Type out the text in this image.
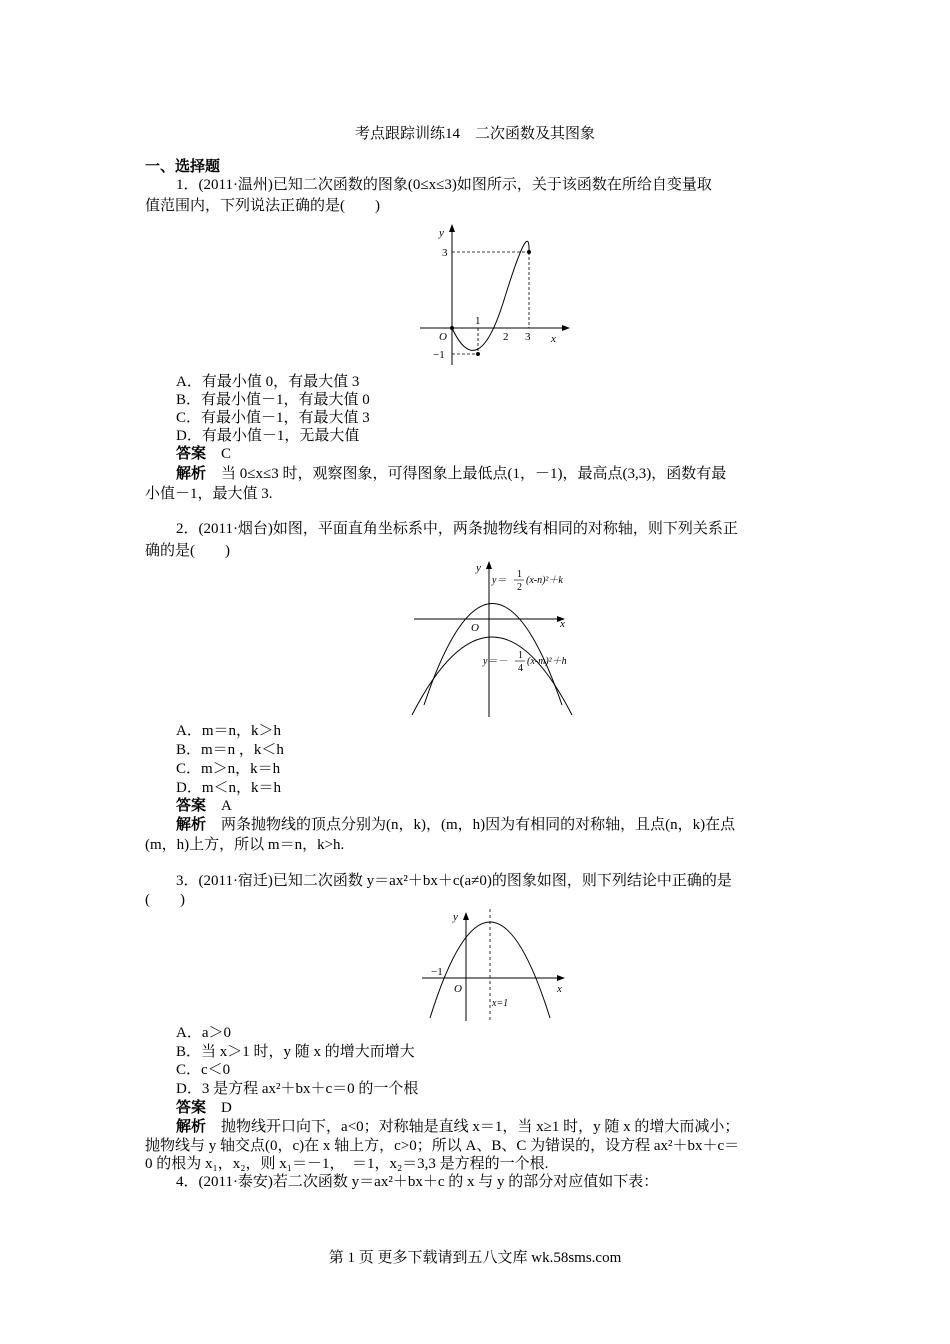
考点跟踪训练14　二次函数及其图象
一、选择题
1．(2011·温州)已知二次函数的图象(0≤x≤3)如图所示，关于该函数在所给自变量取
值范围内，下列说法正确的是(　　)
y
x
O
3
−1
1
2 3
A．有最小值 0，有最大值 3
B．有最小值－1，有最大值 0
C．有最小值－1，有最大值 3
D．有最小值－1，无最大值
答案　 C
解析　 当 0≤x≤3 时，观察图象，可得图象上最低点(1，－1)，最高点(3,3)，函数有最
小值－1，最大值 3.
2．(2011·烟台)如图，平面直角坐标系中，两条抛物线有相同的对称轴，则下列关系正
确的是(　　)
y
x
O
y＝
1
2
(x-n)²＋k
y＝－
1
4
(x-m)²＋h
A．m＝n，k＞h
B．m＝n ，k＜h
C．m＞n，k＝h
D．m＜n，k＝h
答案　 A
解析　 两条抛物线的顶点分别为(n，k)，(m，h)因为有相同的对称轴，且点(n，k)在点
(m，h)上方，所以 m＝n，k>h.
3．(2011·宿迁)已知二次函数 y＝ax²＋bx＋c(a≠0)的图象如图，则下列结论中正确的是
(　　)
y
x
O
−1
x=1
A．a＞0
B．当 x＞1 时，y 随 x 的增大而增大
C．c＜0
D．3 是方程 ax²＋bx＋c＝0 的一个根
答案　 D
解析　 抛物线开口向下，a<0；对称轴是直线 x＝1，当 x≥1 时，y 随 x 的增大而减小；
抛物线与 y 轴交点(0，c)在 x 轴上方，c>0；所以 A、B、C 为错误的，设方程 ax²＋bx＋c＝
0 的根为 x₁，x₂，则 x₁＝－1，　＝1，x₂＝3,3 是方程的一个根.
4．(2011·泰安)若二次函数 y＝ax²＋bx＋c 的 x 与 y 的部分对应值如下表：
第 1 页 更多下载请到五八文库 wk.58sms.com
